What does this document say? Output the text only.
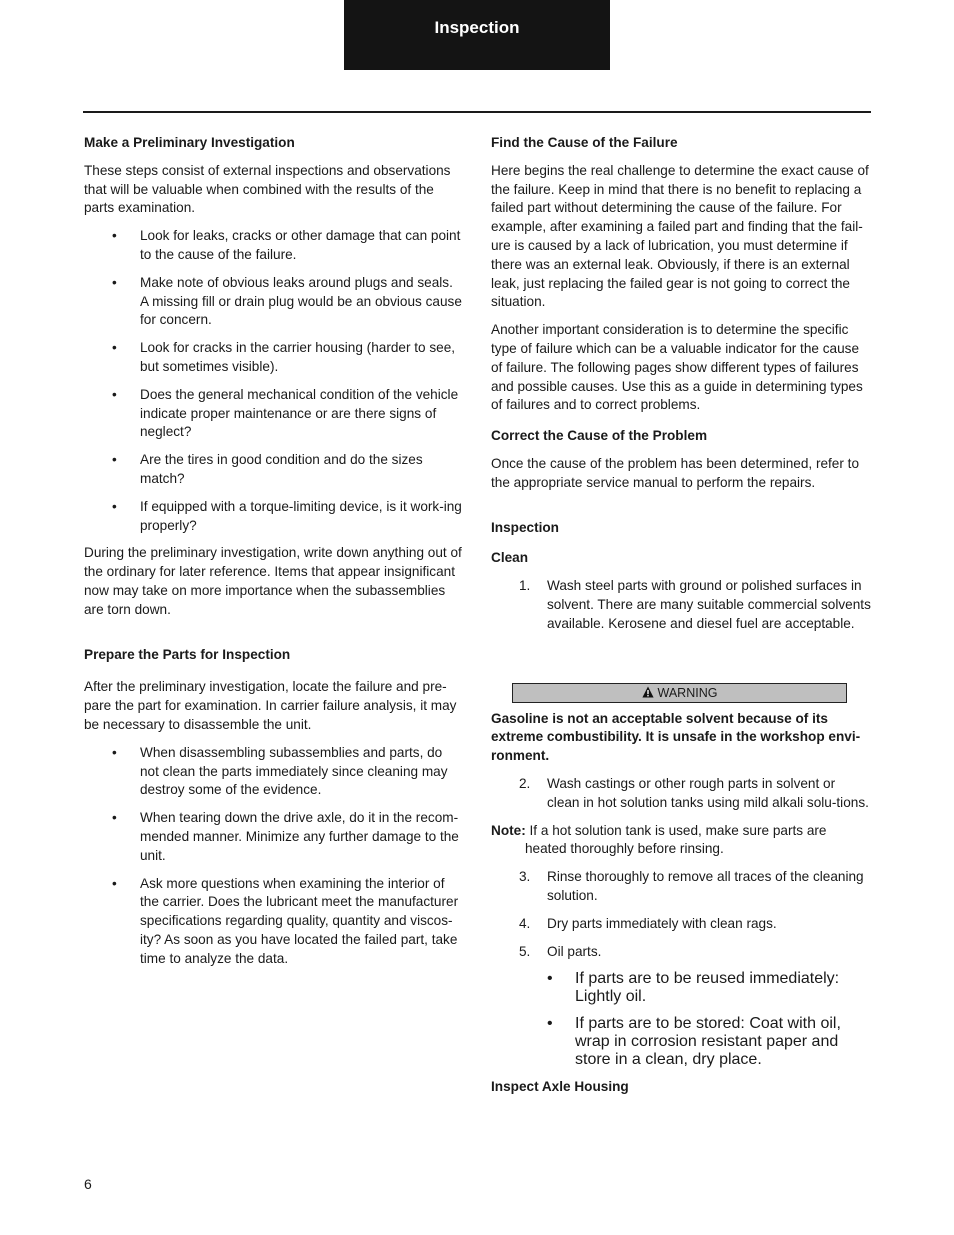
Inspection

Make a Preliminary Investigation

These steps consist of external inspections and observations that will be valuable when combined with the results of the parts examination.

• Look for leaks, cracks or other damage that can point to the cause of the failure.
• Make note of obvious leaks around plugs and seals. A missing fill or drain plug would be an obvious cause for concern.
• Look for cracks in the carrier housing (harder to see, but sometimes visible).
• Does the general mechanical condition of the vehicle indicate proper maintenance or are there signs of neglect?
• Are the tires in good condition and do the sizes match?
• If equipped with a torque-limiting device, is it work-ing properly?

During the preliminary investigation, write down anything out of the ordinary for later reference. Items that appear insignificant now may take on more importance when the subassemblies are torn down.

Prepare the Parts for Inspection

After the preliminary investigation, locate the failure and pre-pare the part for examination. In carrier failure analysis, it may be necessary to disassemble the unit.

• When disassembling subassemblies and parts, do not clean the parts immediately since cleaning may destroy some of the evidence.
• When tearing down the drive axle, do it in the recom-mended manner. Minimize any further damage to the unit.
• Ask more questions when examining the interior of the carrier. Does the lubricant meet the manufacturer specifications regarding quality, quantity and viscos-ity? As soon as you have located the failed part, take time to analyze the data.

Find the Cause of the Failure

Here begins the real challenge to determine the exact cause of the failure. Keep in mind that there is no benefit to replacing a failed part without determining the cause of the failure. For example, after examining a failed part and finding that the fail-ure is caused by a lack of lubrication, you must determine if there was an external leak. Obviously, if there is an external leak, just replacing the failed gear is not going to correct the situation.

Another important consideration is to determine the specific type of failure which can be a valuable indicator for the cause of failure. The following pages show different types of failures and possible causes. Use this as a guide in determining types of failures and to correct problems.

Correct the Cause of the Problem

Once the cause of the problem has been determined, refer to the appropriate service manual to perform the repairs.

Inspection

Clean

1. Wash steel parts with ground or polished surfaces in solvent. There are many suitable commercial solvents available. Kerosene and diesel fuel are acceptable.
WARNING

Gasoline is not an acceptable solvent because of its extreme combustibility. It is unsafe in the workshop envi-ronment.

2. Wash castings or other rough parts in solvent or clean in hot solution tanks using mild alkali solu-tions.

Note: If a hot solution tank is used, make sure parts are heated thoroughly before rinsing.

3. Rinse thoroughly to remove all traces of the cleaning solution.
4. Dry parts immediately with clean rags.
5. Oil parts.
• If parts are to be reused immediately: Lightly oil.
• If parts are to be stored: Coat with oil, wrap in corrosion resistant paper and store in a clean, dry place.

Inspect Axle Housing

6
